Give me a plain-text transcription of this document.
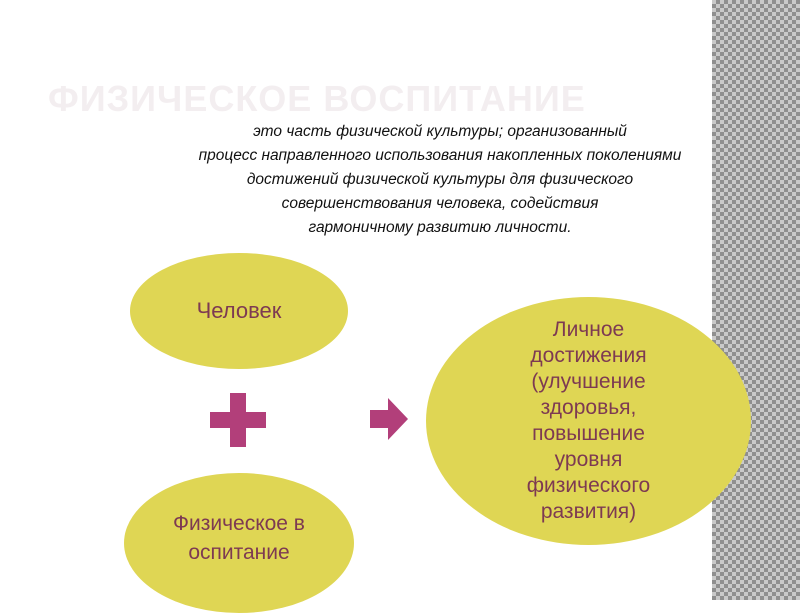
ФИЗИЧЕСКОЕ ВОСПИТАНИЕ
это часть физической культуры; организованный
процесс направленного использования накопленных поколениями
достижений физической культуры для физического
совершенствования человека, содействия
гармоничному развитию личности.
Человек
Физическое воспитание
Личное достижения (улучшение здоровья, повышение уровня физического развития)
